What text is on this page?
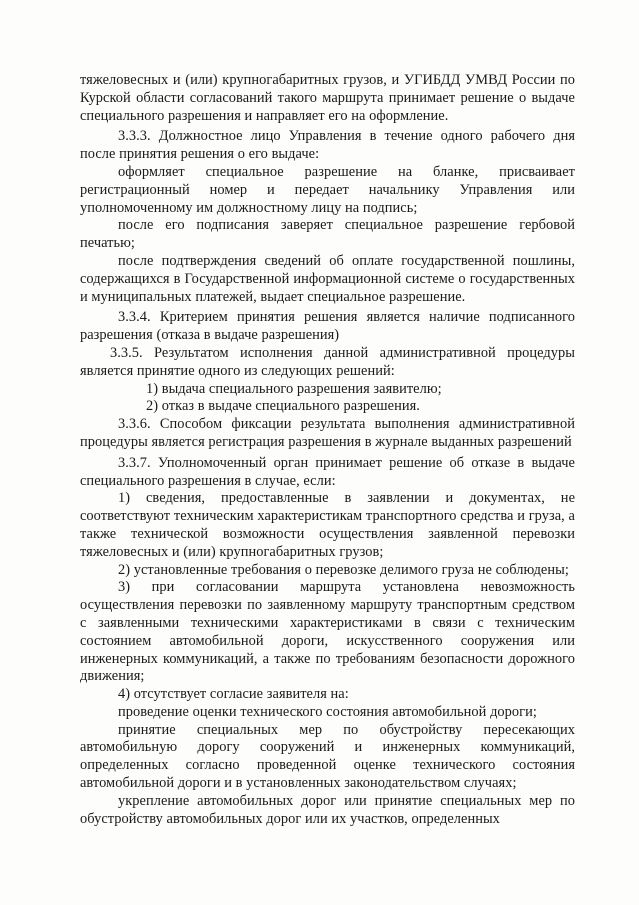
тяжеловесных и (или) крупногабаритных грузов, и УГИБДД УМВД России по Курской области согласований такого маршрута принимает решение о выдаче специального разрешения и направляет его на оформление.

3.3.3. Должностное лицо Управления в течение одного рабочего дня после принятия решения о его выдаче:

оформляет специальное разрешение на бланке, присваивает регистрационный номер и передает начальнику Управления или уполномоченному им должностному лицу на подпись;

после его подписания заверяет специальное разрешение гербовой печатью;

после подтверждения сведений об оплате государственной пошлины, содержащихся в Государственной информационной системе о государственных и муниципальных платежей, выдает специальное разрешение.

3.3.4. Критерием принятия решения является наличие подписанного разрешения (отказа в выдаче разрешения)

3.3.5. Результатом исполнения данной административной процедуры является принятие одного из следующих решений:

1) выдача специального разрешения заявителю;

2) отказ в выдаче специального разрешения.

3.3.6. Способом фиксации результата выполнения административной процедуры является регистрация разрешения в журнале выданных разрешений

3.3.7. Уполномоченный орган принимает решение об отказе в выдаче специального разрешения в случае, если:

1) сведения, предоставленные в заявлении и документах, не соответствуют техническим характеристикам транспортного средства и груза, а также технической возможности осуществления заявленной перевозки тяжеловесных и (или) крупногабаритных грузов;

2) установленные требования о перевозке делимого груза не соблюдены;

3) при согласовании маршрута установлена невозможность осуществления перевозки по заявленному маршруту транспортным средством с заявленными техническими характеристиками в связи с техническим состоянием автомобильной дороги, искусственного сооружения или инженерных коммуникаций, а также по требованиям безопасности дорожного движения;

4) отсутствует согласие заявителя на:

проведение оценки технического состояния автомобильной дороги;

принятие специальных мер по обустройству пересекающих автомобильную дорогу сооружений и инженерных коммуникаций, определенных согласно проведенной оценке технического состояния автомобильной дороги и в установленных законодательством случаях;

укрепление автомобильных дорог или принятие специальных мер по обустройству автомобильных дорог или их участков, определенных
